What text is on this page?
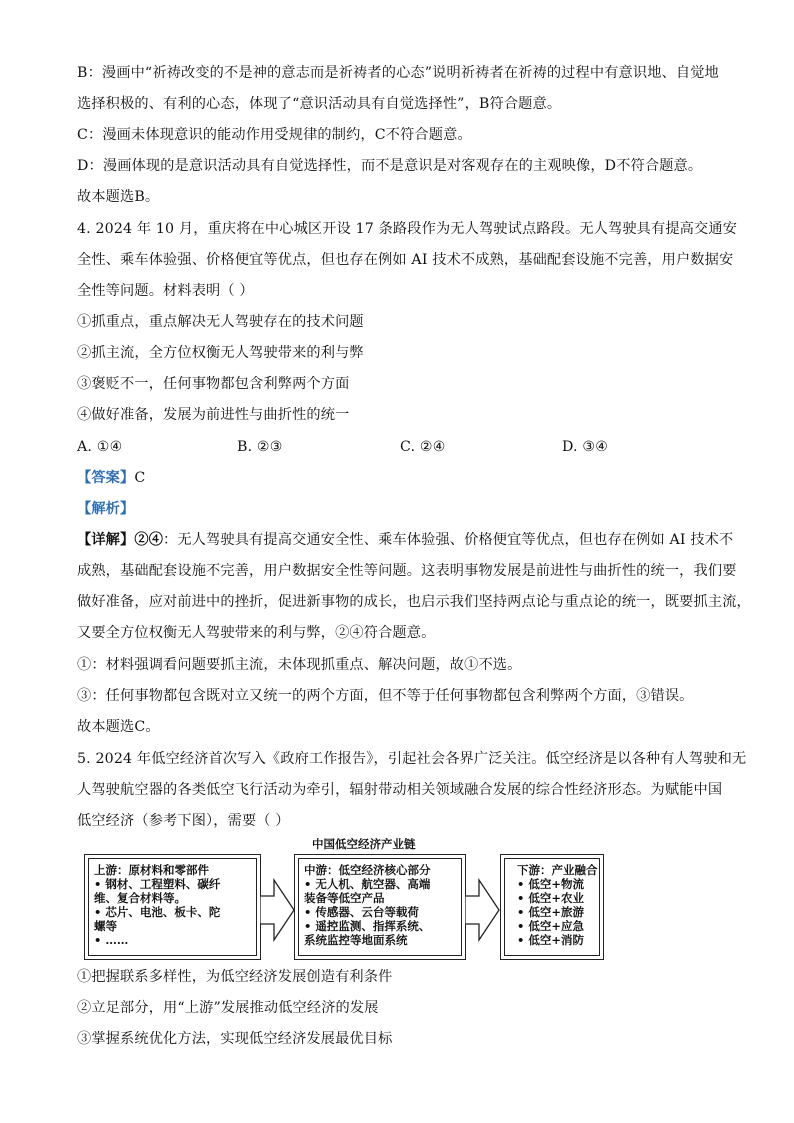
B：漫画中“祈祷改变的不是神的意志而是祈祷者的心态”说明祈祷者在祈祷的过程中有意识地、自觉地
选择积极的、有利的心态，体现了“意识活动具有自觉选择性”，B符合题意。
C：漫画未体现意识的能动作用受规律的制约，C不符合题意。
D：漫画体现的是意识活动具有自觉选择性，而不是意识是对客观存在的主观映像，D不符合题意。
故本题选B。
4. 2024 年 10 月，重庆将在中心城区开设 17 条路段作为无人驾驶试点路段。无人驾驶具有提高交通安
全性、乘车体验强、价格便宜等优点，但也存在例如 AI 技术不成熟，基础配套设施不完善，用户数据安
全性等问题。材料表明（ ）
①抓重点，重点解决无人驾驶存在的技术问题
②抓主流，全方位权衡无人驾驶带来的利与弊
③褒贬不一，任何事物都包含利弊两个方面
④做好准备，发展为前进性与曲折性的统一
A. ①④	B. ②③	C. ②④	D. ③④
【答案】C
【解析】
【详解】②④：无人驾驶具有提高交通安全性、乘车体验强、价格便宜等优点，但也存在例如 AI 技术不
成熟，基础配套设施不完善，用户数据安全性等问题。这表明事物发展是前进性与曲折性的统一，我们要
做好准备，应对前进中的挫折，促进新事物的成长，也启示我们坚持两点论与重点论的统一，既要抓主流，
又要全方位权衡无人驾驶带来的利与弊，②④符合题意。
①：材料强调看问题要抓主流，未体现抓重点、解决问题，故①不选。
③：任何事物都包含既对立又统一的两个方面，但不等于任何事物都包含利弊两个方面，③错误。
故本题选C。
5. 2024 年低空经济首次写入《政府工作报告》，引起社会各界广泛关注。低空经济是以各种有人驾驶和无
人驾驶航空器的各类低空飞行活动为牵引，辐射带动相关领域融合发展的综合性经济形态。为赋能中国
低空经济（参考下图），需要（ ）
中国低空经济产业链
上游：原材料和零部件
• 钢材、工程塑料、碳纤
维、复合材料等。
• 芯片、电池、板卡、陀
螺等
• ……
中游：低空经济核心部分
• 无人机、航空器、高端
装备等低空产品
• 传感器、云台等载荷
• 遥控监测、指挥系统、
系统监控等地面系统
下游：产业融合
• 低空+物流
• 低空+农业
• 低空+旅游
• 低空+应急
• 低空+消防
①把握联系多样性，为低空经济发展创造有利条件
②立足部分，用“上游”发展推动低空经济的发展
③掌握系统优化方法，实现低空经济发展最优目标
